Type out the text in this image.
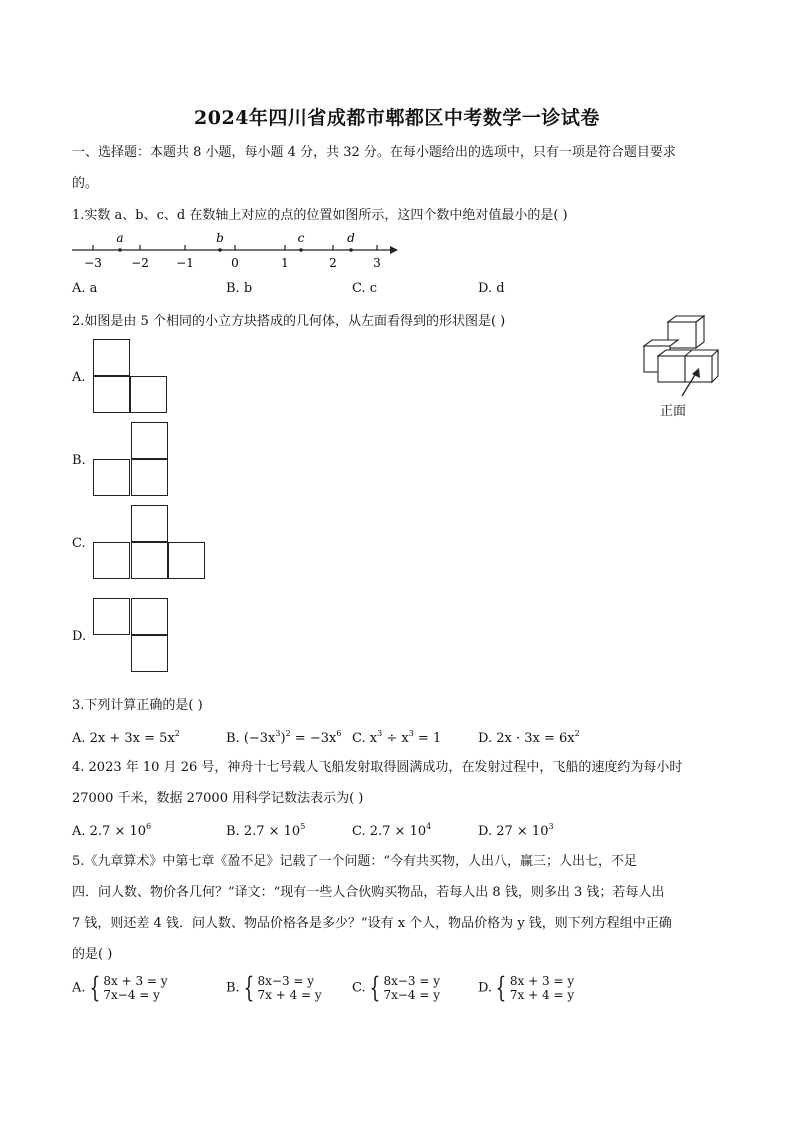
2024年四川省成都市郫都区中考数学一诊试卷
一、选择题：本题共 8 小题，每小题 4 分，共 32 分。在每小题给出的选项中，只有一项是符合题目要求
的。
1.实数 a、b、c、d 在数轴上对应的点的位置如图所示，这四个数中绝对值最小的是( )
−3 −2 −1	0	1	2	3
a	b	c	d
A. a	B. b	C. c	D. d
2.如图是由 5 个相同的小立方块搭成的几何体，从左面看得到的形状图是( )
正面
A.
B.
C.
D.
3.下列计算正确的是( )
A. $2x + 3x = 5x^2$	B. $(-3x^3)^2 = -3x^6$ C. $x^3 \div x^3 = 1$	D. $2x \cdot 3x = 6x^2$
4. 2023 年 10 月 26 号，神舟十七号载人飞船发射取得圆满成功，在发射过程中，飞船的速度约为每小时
27000 千米，数据 27000 用科学记数法表示为( )
A. $2.7 \times 10^6$	B. $2.7 \times 10^5$	C. $2.7 \times 10^4$	D. $27 \times 10^3$
5.《九章算术》中第七章《盈不足》记载了一个问题：“今有共买物，人出八，赢三；人出七，不足
四．问人数、物价各几何？”译文：“现有一些人合伙购买物品，若每人出 8 钱，则多出 3 钱；若每人出
7 钱，则还差 4 钱．问人数、物品价格各是多少？”设有 x 个人，物品价格为 y 钱，则下列方程组中正确
的是( )
A. { 8x + 3 = y
7x−4 = y	B. { 8x−3 = y
7x + 4 = y C. { 8x−3 = y
7x−4 = y	D. { 8x + 3 = y
7x + 4 = y
